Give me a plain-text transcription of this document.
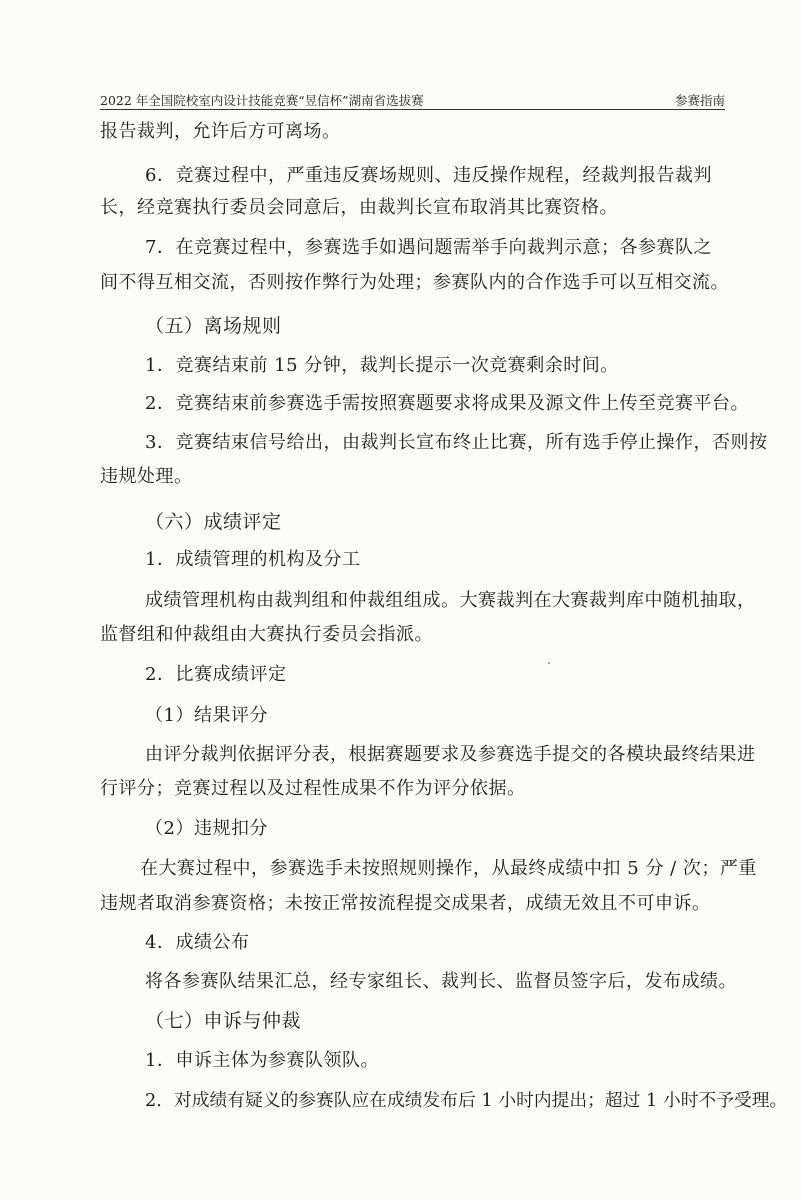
2022 年全国院校室内设计技能竞赛“昱信杯”湖南省选拔赛	参赛指南
报告裁判，允许后方可离场。
6．竞赛过程中，严重违反赛场规则、违反操作规程，经裁判报告裁判
长，经竞赛执行委员会同意后，由裁判长宣布取消其比赛资格。
7．在竞赛过程中，参赛选手如遇问题需举手向裁判示意；各参赛队之
间不得互相交流，否则按作弊行为处理；参赛队内的合作选手可以互相交流。
（五）离场规则
1．竞赛结束前 15 分钟，裁判长提示一次竞赛剩余时间。
2．竞赛结束前参赛选手需按照赛题要求将成果及源文件上传至竞赛平台。
3．竞赛结束信号给出，由裁判长宣布终止比赛，所有选手停止操作，否则按
违规处理。
（六）成绩评定
1．成绩管理的机构及分工
成绩管理机构由裁判组和仲裁组组成。大赛裁判在大赛裁判库中随机抽取，
监督组和仲裁组由大赛执行委员会指派。
2．比赛成绩评定
（1）结果评分
由评分裁判依据评分表，根据赛题要求及参赛选手提交的各模块最终结果进
行评分；竞赛过程以及过程性成果不作为评分依据。
（2）违规扣分
在大赛过程中，参赛选手未按照规则操作，从最终成绩中扣 5 分 / 次；严重
违规者取消参赛资格；未按正常按流程提交成果者，成绩无效且不可申诉。
4．成绩公布
将各参赛队结果汇总，经专家组长、裁判长、监督员签字后，发布成绩。
（七）申诉与仲裁
1．申诉主体为参赛队领队。
2．对成绩有疑义的参赛队应在成绩发布后 1 小时内提出；超过 1 小时不予受理。
